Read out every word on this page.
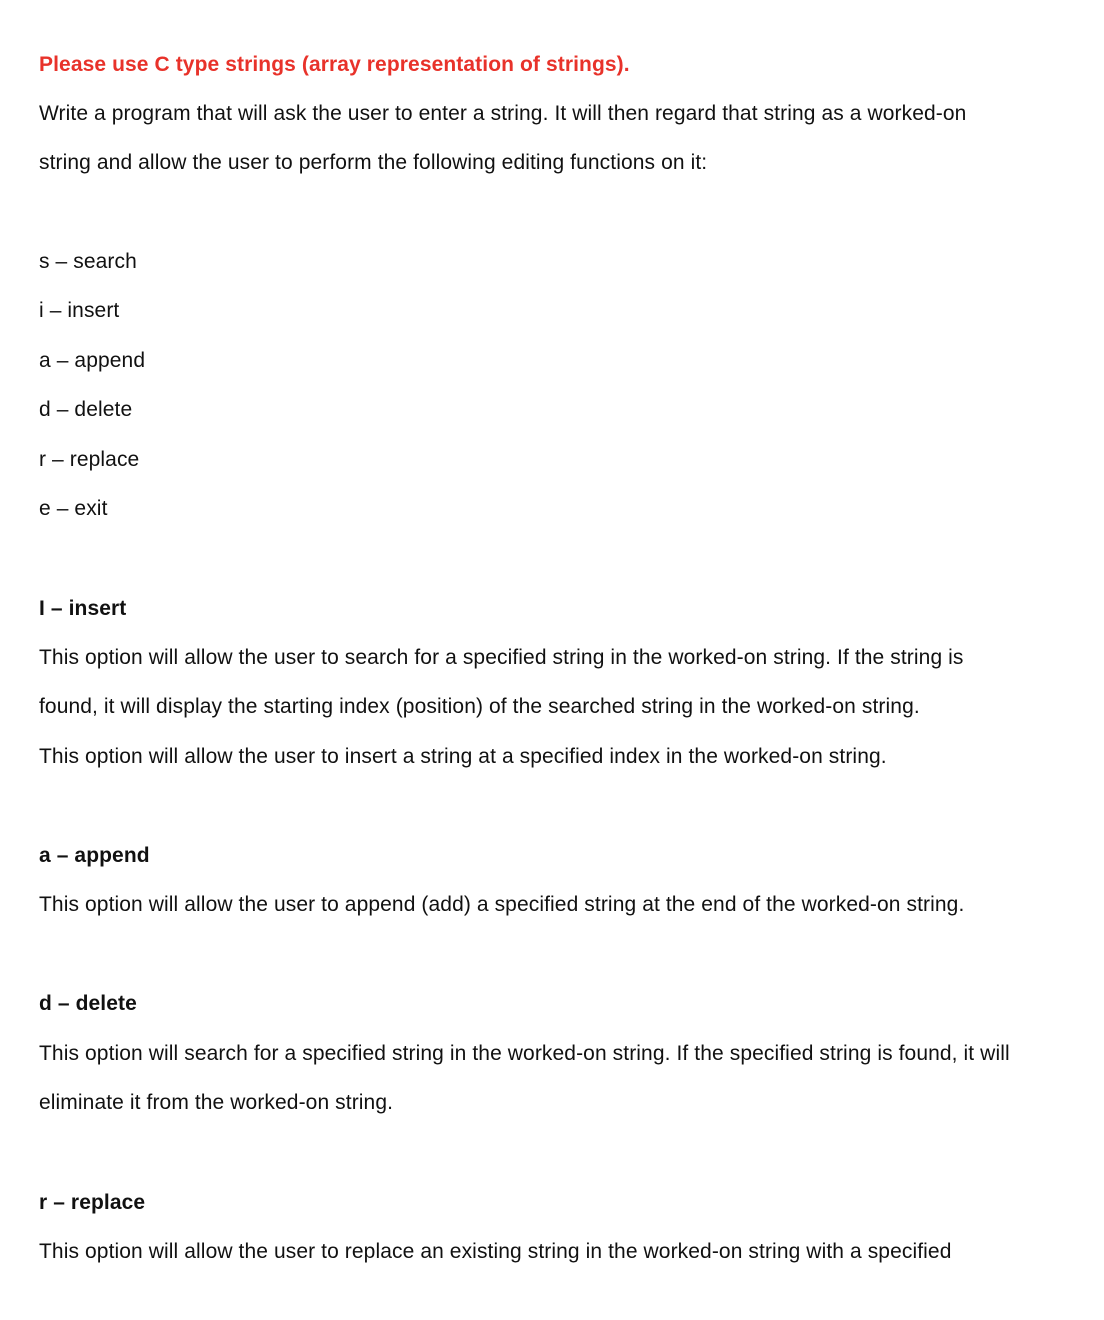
Please use C type strings (array representation of strings).
Write a program that will ask the user to enter a string. It will then regard that string as a worked-on
string and allow the user to perform the following editing functions on it:
s – search
i – insert
a – append
d – delete
r – replace
e – exit
I – insert
This option will allow the user to search for a specified string in the worked-on string. If the string is
found, it will display the starting index (position) of the searched string in the worked-on string.
This option will allow the user to insert a string at a specified index in the worked-on string.
a – append
This option will allow the user to append (add) a specified string at the end of the worked-on string.
d – delete
This option will search for a specified string in the worked-on string. If the specified string is found, it will
eliminate it from the worked-on string.
r – replace
This option will allow the user to replace an existing string in the worked-on string with a specified
